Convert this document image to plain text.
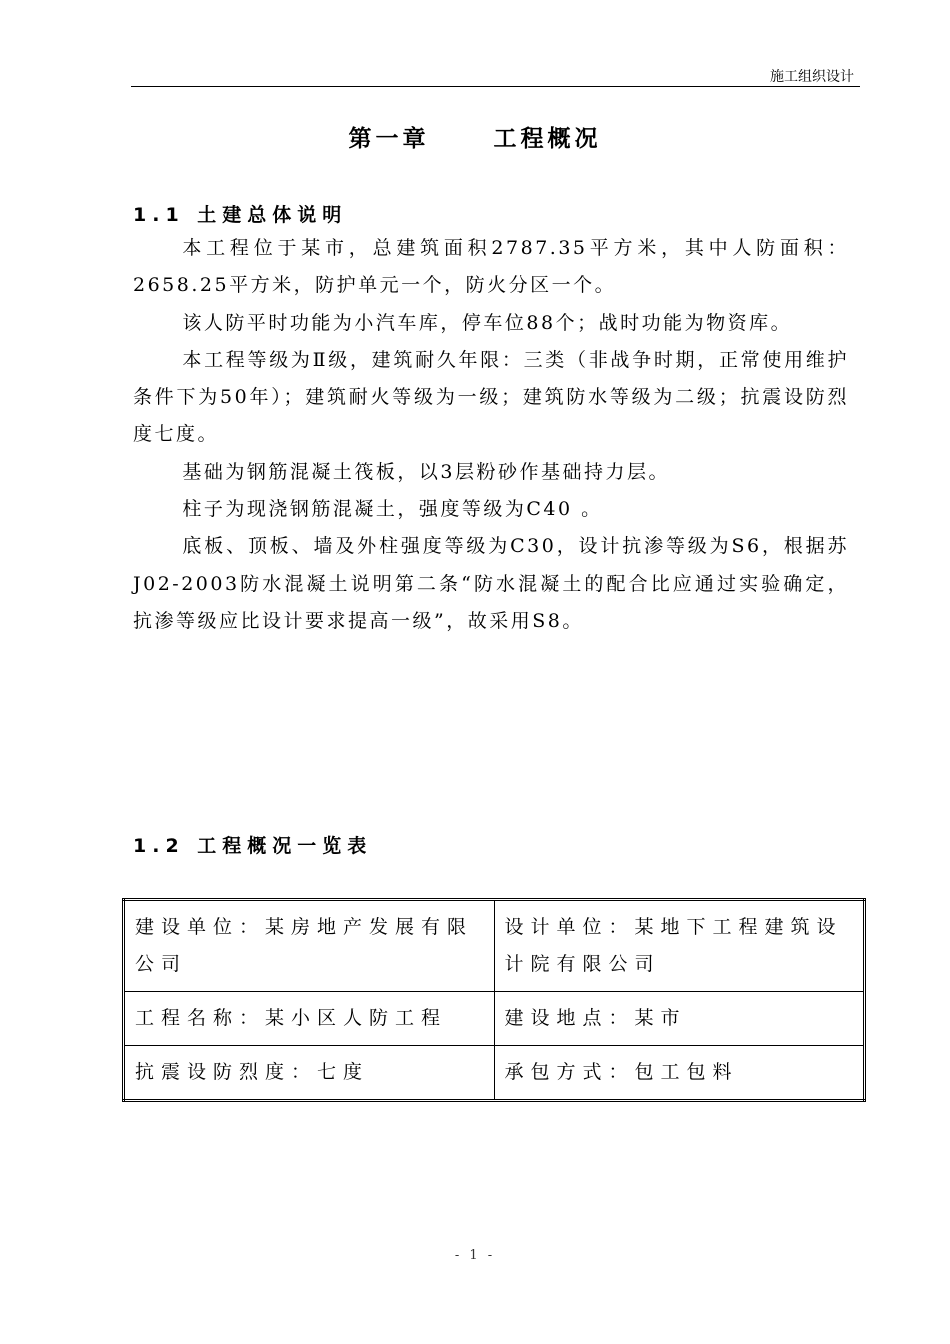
施工组织设计
第一章	工程概况
1.1 土建总体说明

本工程位于某市，总建筑面积2787.35平方米，其中人防面积：2658.25平方米，防护单元一个，防火分区一个。

该人防平时功能为小汽车库，停车位88个；战时功能为物资库。

本工程等级为Ⅱ级，建筑耐久年限：三类（非战争时期，正常使用维护条件下为50年）；建筑耐火等级为一级；建筑防水等级为二级；抗震设防烈度七度。

基础为钢筋混凝土筏板，以3层粉砂作基础持力层。

柱子为现浇钢筋混凝土，强度等级为C40 。

底板、顶板、墙及外柱强度等级为C30，设计抗渗等级为S6，根据苏J02-2003防水混凝土说明第二条“防水混凝土的配合比应通过实验确定，抗渗等级应比设计要求提高一级”，故采用S8。

1.2 工程概况一览表
建设单位：某房地产发展有限公司	设计单位：某地下工程建筑设计院有限公司
工程名称：某小区人防工程	建设地点：某市
抗震设防烈度：七度	承包方式：包工包料
- 1 -
